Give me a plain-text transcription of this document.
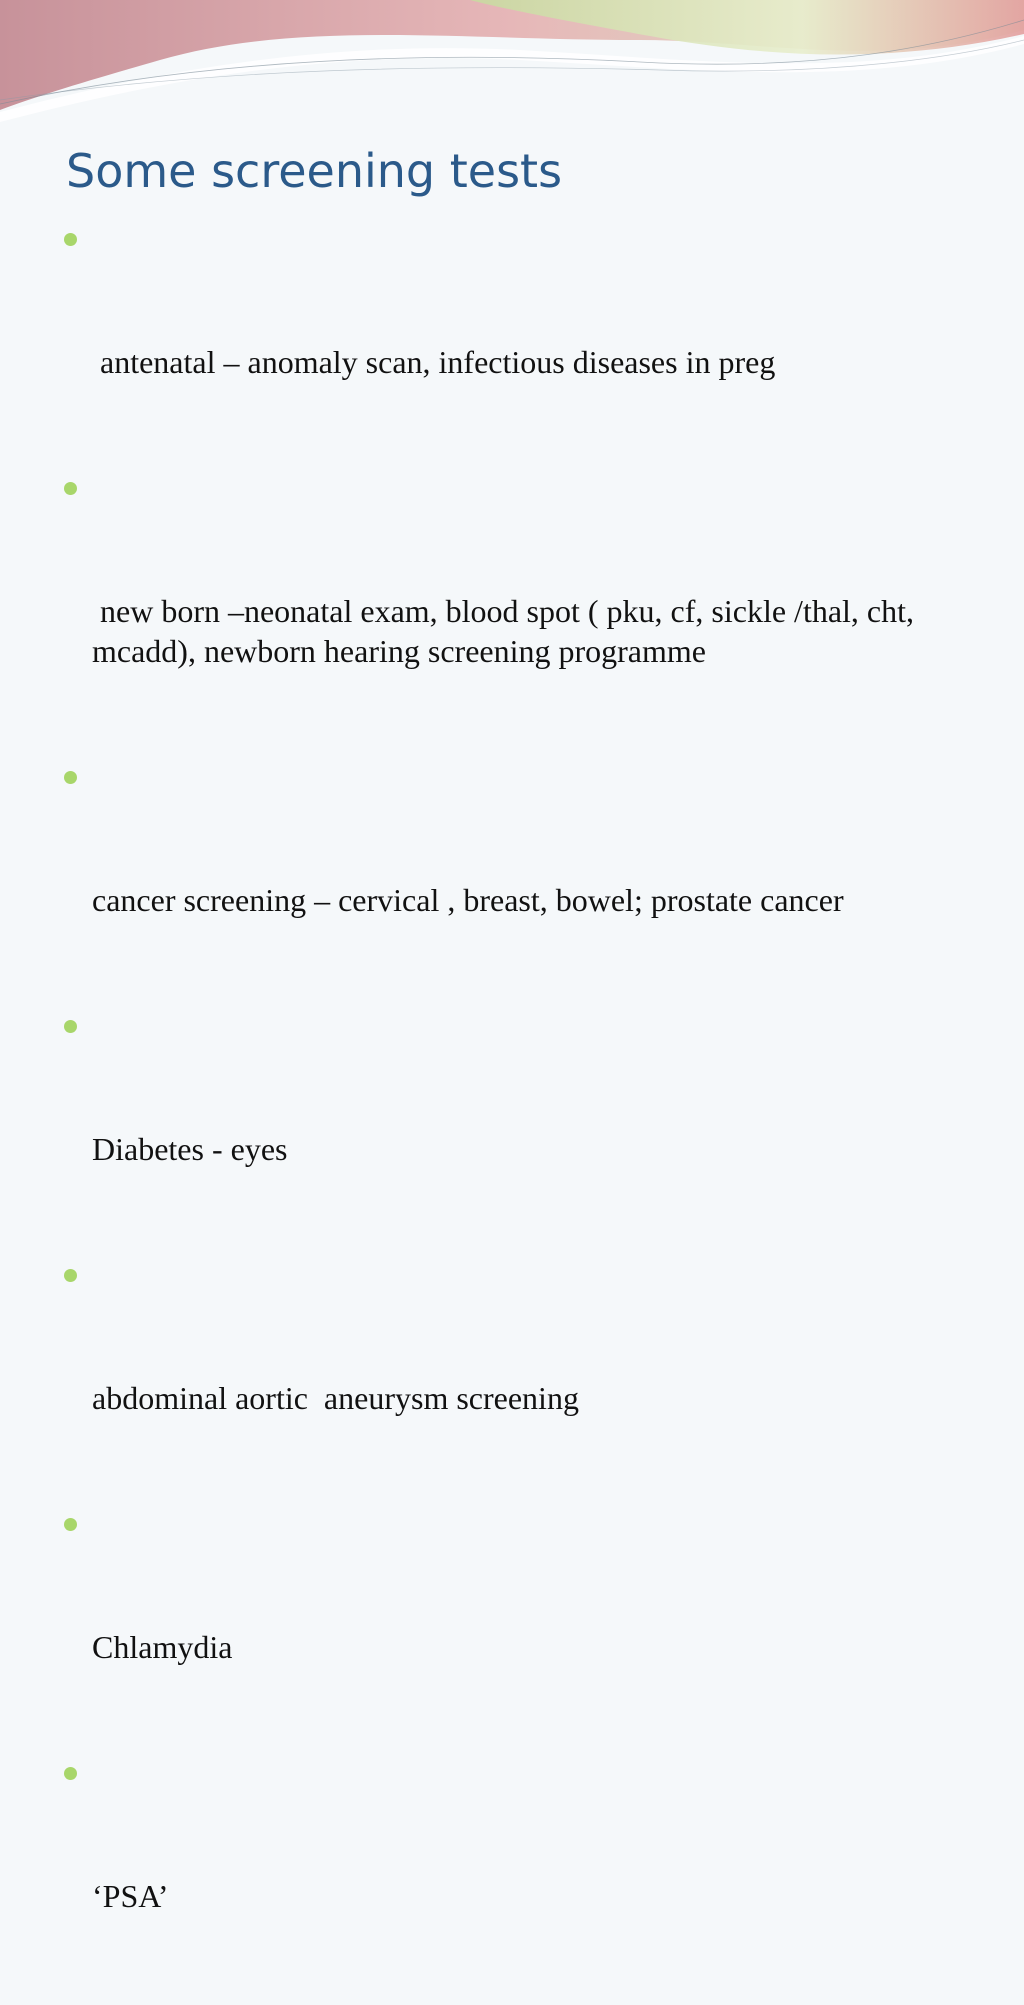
Some screening tests

antenatal – anomaly scan, infectious diseases in preg

new born –neonatal exam, blood spot ( pku, cf, sickle /thal, cht, mcadd), newborn hearing screening programme

cancer screening – cervical , breast, bowel; prostate cancer

Diabetes - eyes

abdominal aortic  aneurysm screening

Chlamydia

‘PSA’
